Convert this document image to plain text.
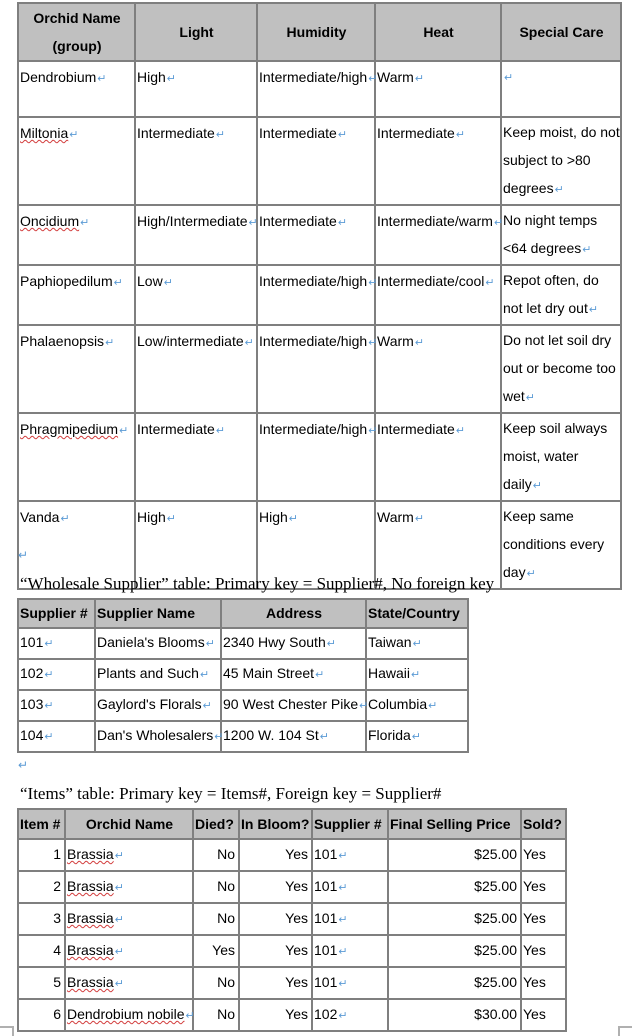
Orchid Name (group)	Light	Humidity	Heat	Special Care
Dendrobium↵	High↵	Intermediate/high↵	Warm↵	↵
Miltonia↵	Intermediate↵	Intermediate↵	Intermediate↵	Keep moist, do not subject to >80 degrees↵
Oncidium↵	High/Intermediate↵	Intermediate↵	Intermediate/warm↵	No night temps <64 degrees↵
Paphiopedilum↵	Low↵	Intermediate/high↵	Intermediate/cool↵	Repot often, do not let dry out↵
Phalaenopsis↵	Low/intermediate↵	Intermediate/high↵	Warm↵	Do not let soil dry out or become too wet↵
Phragmipedium↵	Intermediate↵	Intermediate/high↵	Intermediate↵	Keep soil always moist, water daily↵
Vanda↵	High↵	High↵	Warm↵	Keep same conditions every day↵
↵
“Wholesale Supplier” table: Primary key = Supplier#, No foreign key
Supplier #	Supplier Name	Address	State/Country
101↵	Daniela's Blooms↵	2340 Hwy South↵	Taiwan↵
102↵	Plants and Such↵	45 Main Street↵	Hawaii↵
103↵	Gaylord's Florals↵	90 West Chester Pike↵	Columbia↵
104↵	Dan's Wholesalers↵	1200 W. 104 St↵	Florida↵
↵
“Items” table: Primary key = Items#, Foreign key = Supplier#
Item #	Orchid Name	Died?	In Bloom?	Supplier #	Final Selling Price	Sold?
1	Brassia↵	No	Yes	101↵	$25.00	Yes
2	Brassia↵	No	Yes	101↵	$25.00	Yes
3	Brassia↵	No	Yes	101↵	$25.00	Yes
4	Brassia↵	Yes	Yes	101↵	$25.00	Yes
5	Brassia↵	No	Yes	101↵	$25.00	Yes
6	Dendrobium nobile↵	No	Yes	102↵	$30.00	Yes
